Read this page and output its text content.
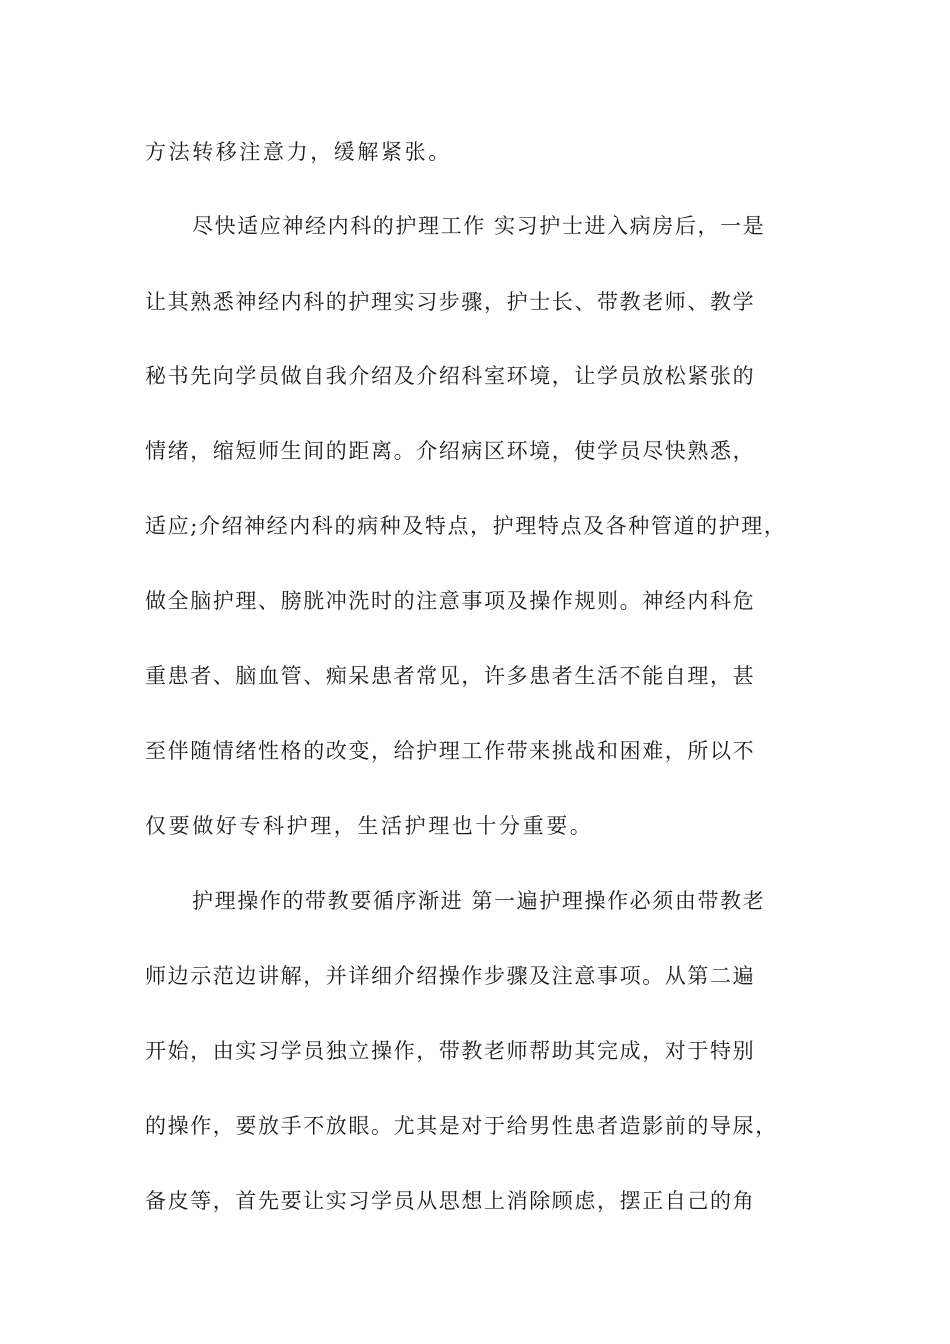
方法转移注意力，缓解紧张。
尽快适应神经内科的护理工作 实习护士进入病房后，一是
让其熟悉神经内科的护理实习步骤，护士长、带教老师、教学
秘书先向学员做自我介绍及介绍科室环境，让学员放松紧张的
情绪，缩短师生间的距离。介绍病区环境，使学员尽快熟悉，
适应;介绍神经内科的病种及特点，护理特点及各种管道的护理，
做全脑护理、膀胱冲洗时的注意事项及操作规则。神经内科危
重患者、脑血管、痴呆患者常见，许多患者生活不能自理，甚
至伴随情绪性格的改变，给护理工作带来挑战和困难，所以不
仅要做好专科护理，生活护理也十分重要。
护理操作的带教要循序渐进 第一遍护理操作必须由带教老
师边示范边讲解，并详细介绍操作步骤及注意事项。从第二遍
开始，由实习学员独立操作，带教老师帮助其完成，对于特别
的操作，要放手不放眼。尤其是对于给男性患者造影前的导尿，
备皮等，首先要让实习学员从思想上消除顾虑，摆正自己的角
